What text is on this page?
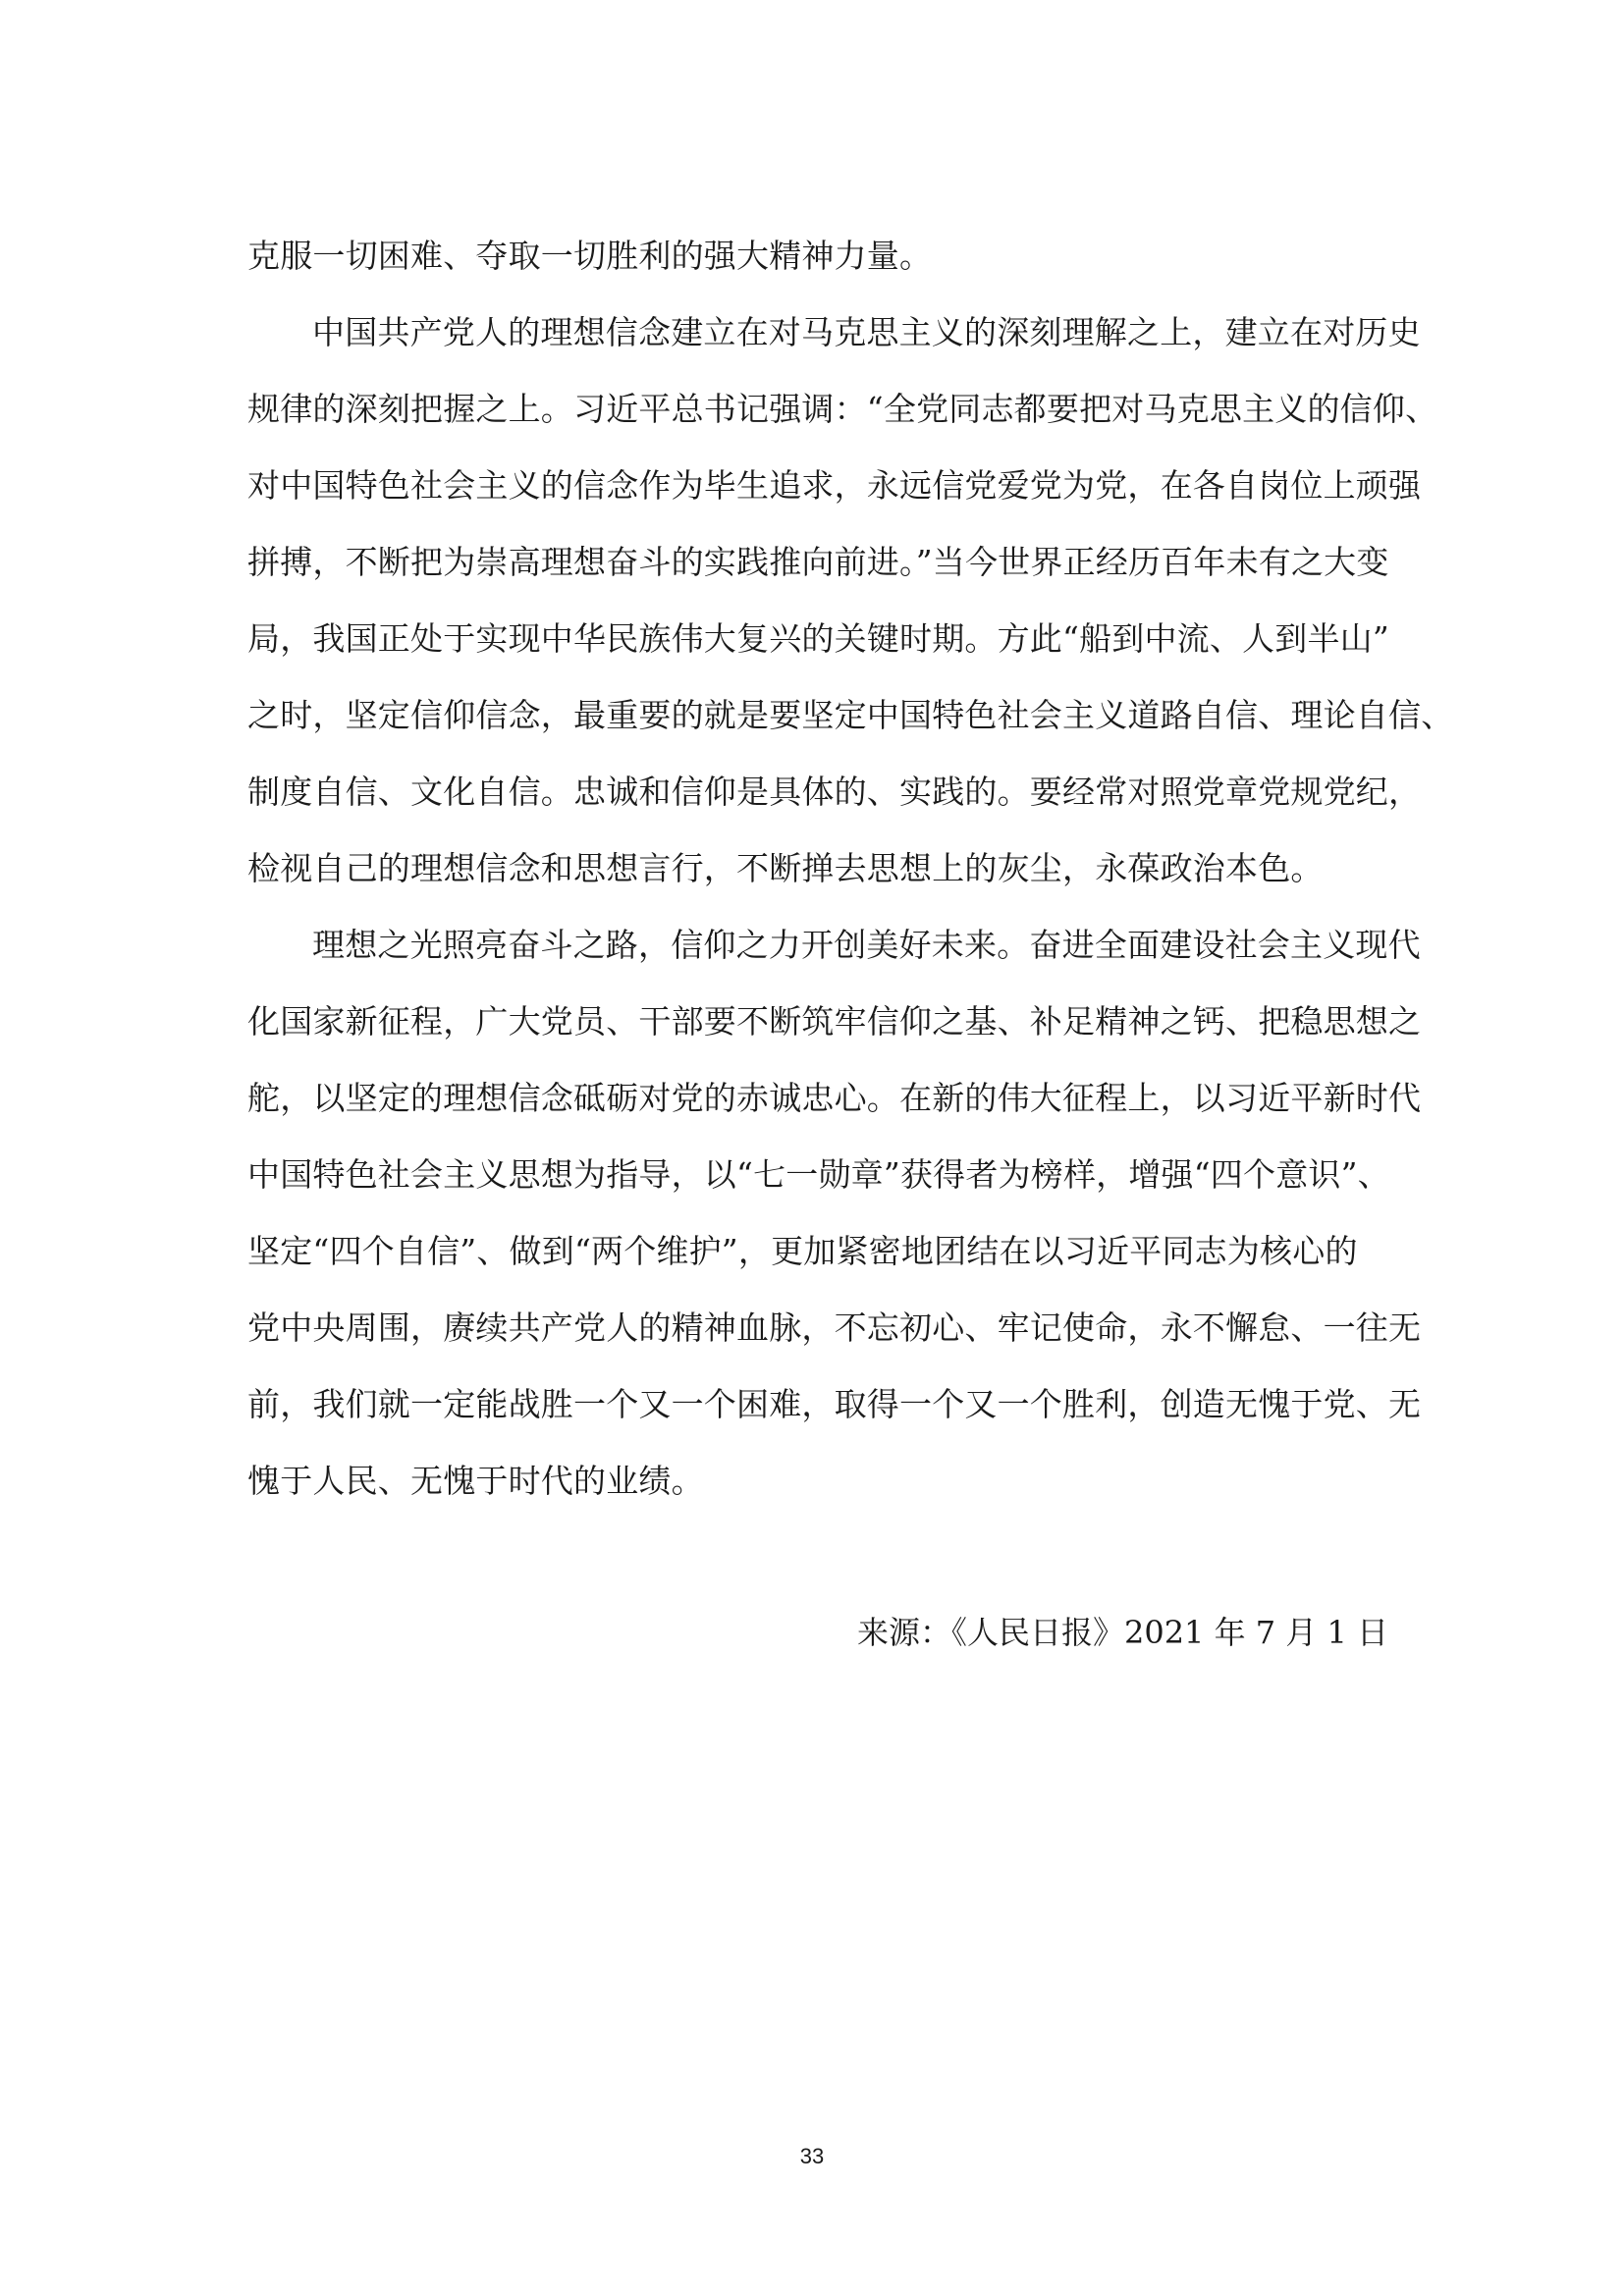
克服一切困难、夺取一切胜利的强大精神力量。
中国共产党人的理想信念建立在对马克思主义的深刻理解之上，建立在对历史
规律的深刻把握之上。习近平总书记强调：“全党同志都要把对马克思主义的信仰、
对中国特色社会主义的信念作为毕生追求，永远信党爱党为党，在各自岗位上顽强
拼搏，不断把为崇高理想奋斗的实践推向前进。”当今世界正经历百年未有之大变
局，我国正处于实现中华民族伟大复兴的关键时期。方此“船到中流、人到半山”
之时，坚定信仰信念，最重要的就是要坚定中国特色社会主义道路自信、理论自信、
制度自信、文化自信。忠诚和信仰是具体的、实践的。要经常对照党章党规党纪，
检视自己的理想信念和思想言行，不断掸去思想上的灰尘，永葆政治本色。
理想之光照亮奋斗之路，信仰之力开创美好未来。奋进全面建设社会主义现代
化国家新征程，广大党员、干部要不断筑牢信仰之基、补足精神之钙、把稳思想之
舵，以坚定的理想信念砥砺对党的赤诚忠心。在新的伟大征程上，以习近平新时代
中国特色社会主义思想为指导，以“七一勋章”获得者为榜样，增强“四个意识”、
坚定“四个自信”、做到“两个维护”，更加紧密地团结在以习近平同志为核心的
党中央周围，赓续共产党人的精神血脉，不忘初心、牢记使命，永不懈怠、一往无
前，我们就一定能战胜一个又一个困难，取得一个又一个胜利，创造无愧于党、无
愧于人民、无愧于时代的业绩。
来源：《人民日报》2021 年 7 月 1 日
33
